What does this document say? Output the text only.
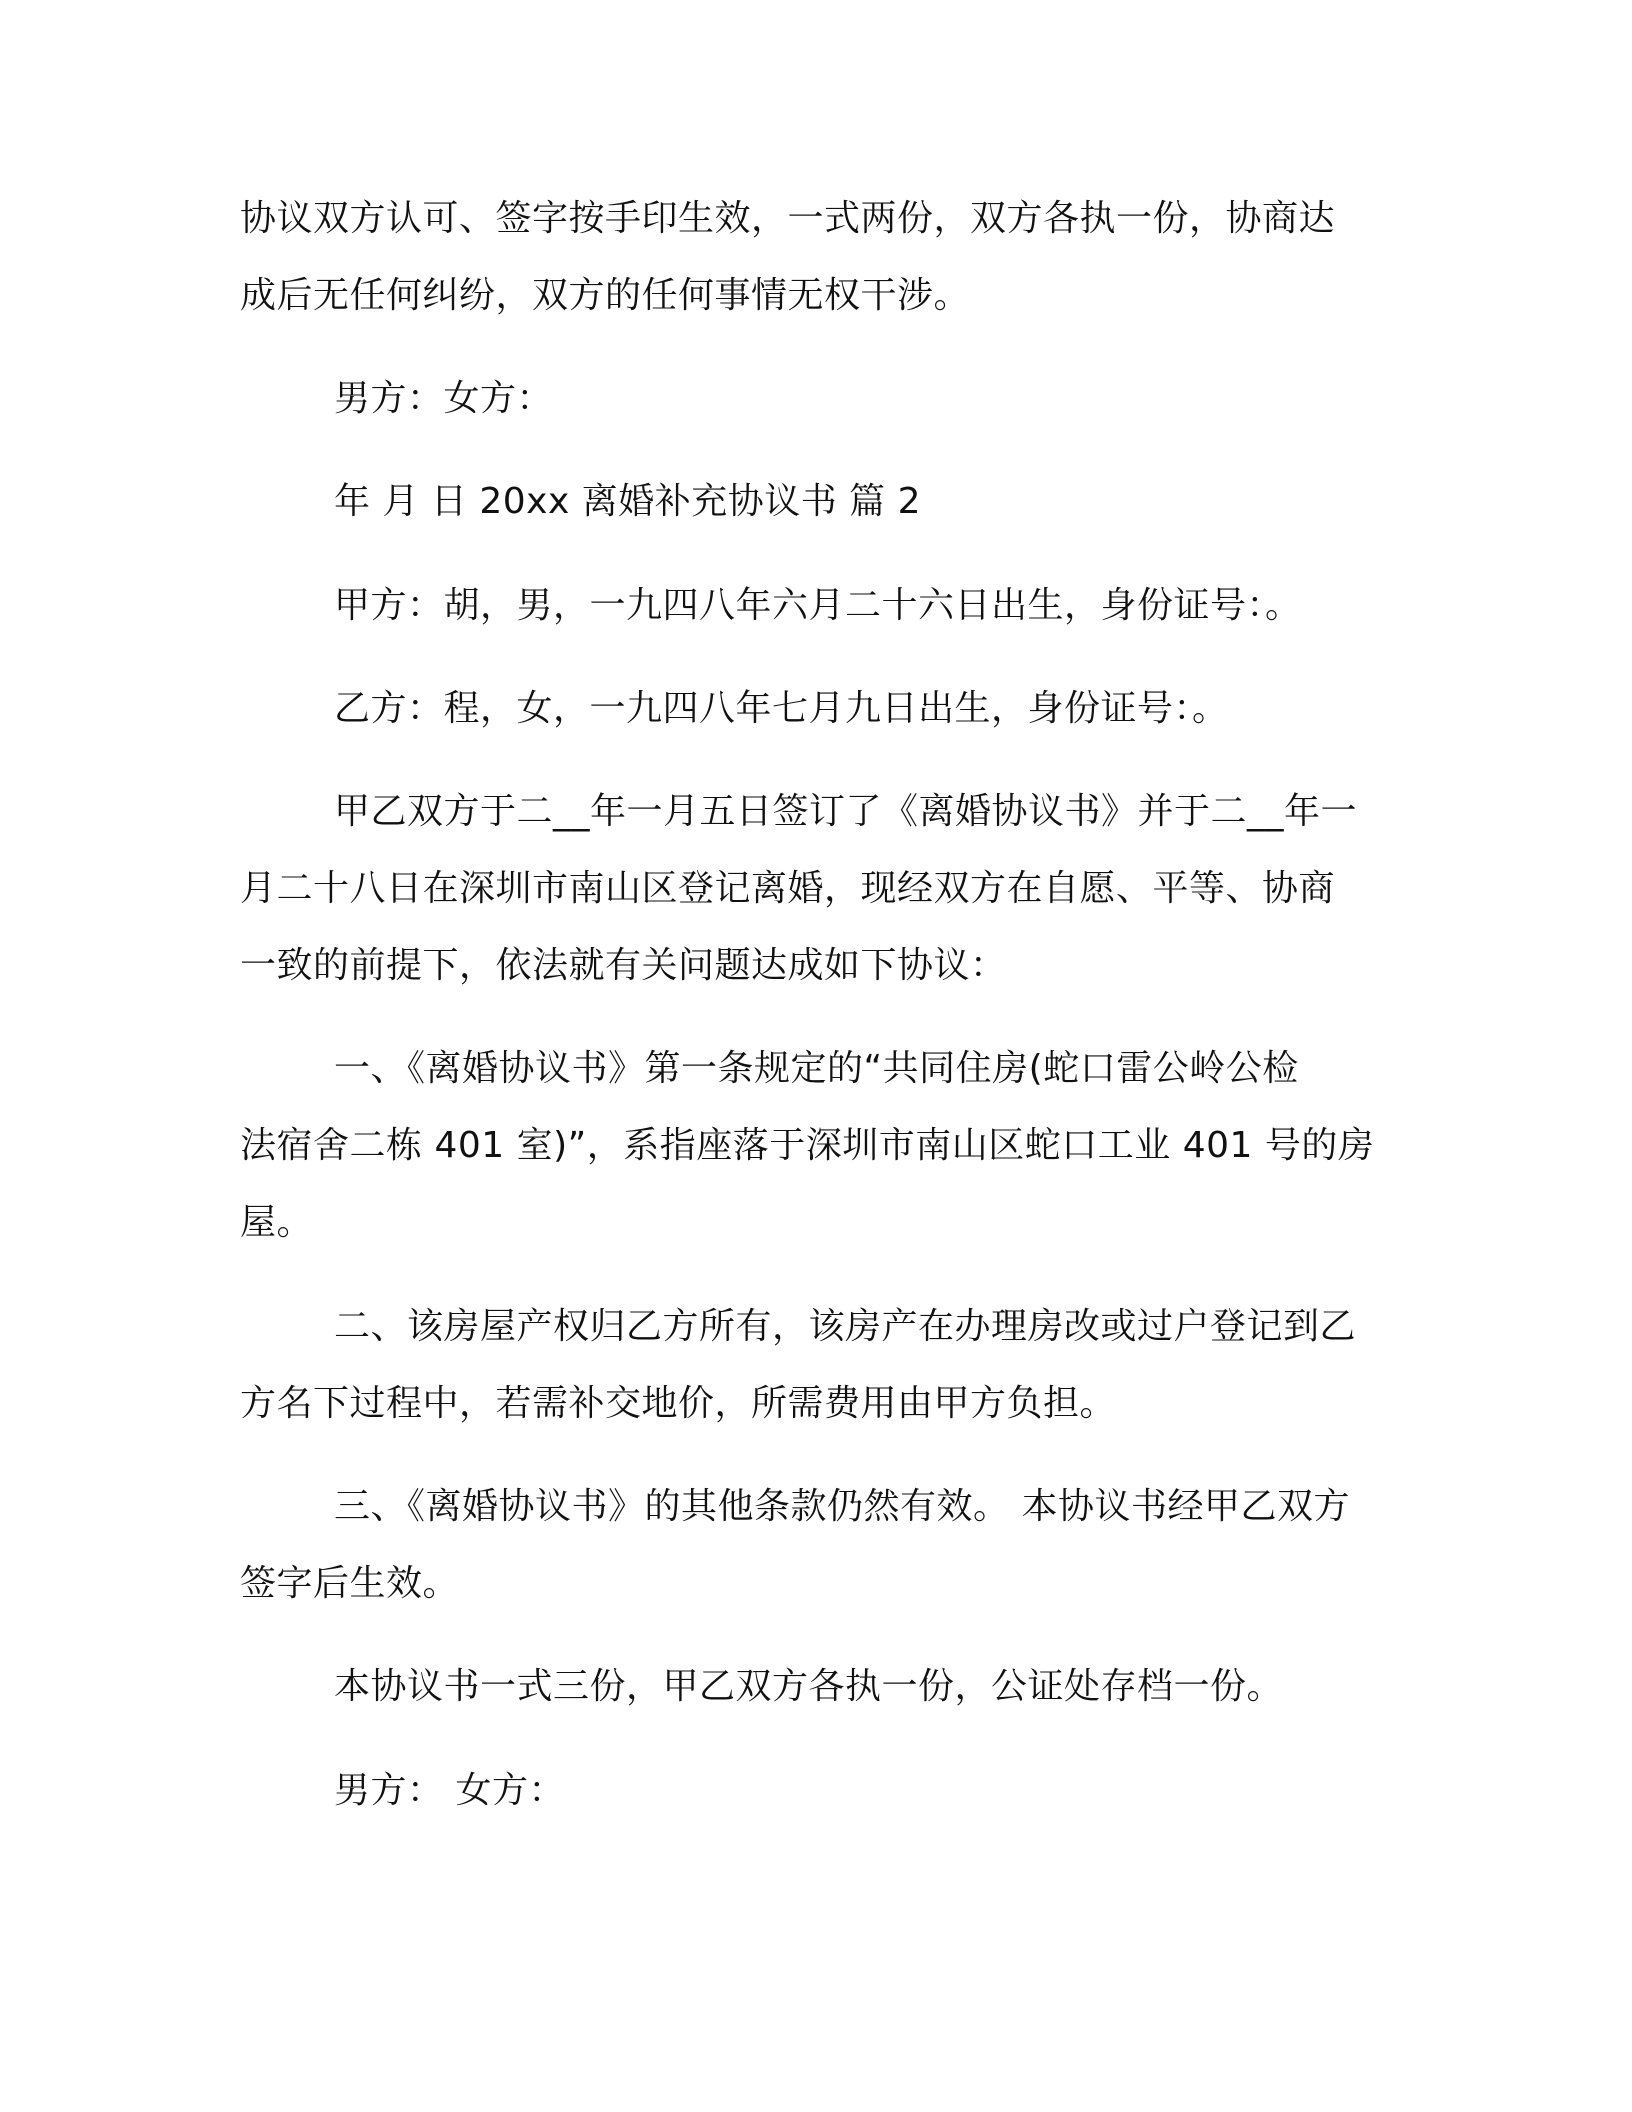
协议双方认可、签字按手印生效，一式两份，双方各执一份，协商达
成后无任何纠纷，双方的任何事情无权干涉。
男方：女方：
年 月 日 20xx 离婚补充协议书 篇 2
甲方：胡，男，一九四八年六月二十六日出生，身份证号：。
乙方：程，女，一九四八年七月九日出生，身份证号：。
甲乙双方于二__年一月五日签订了《离婚协议书》并于二__年一
月二十八日在深圳市南山区登记离婚，现经双方在自愿、平等、协商
一致的前提下，依法就有关问题达成如下协议：
一、《离婚协议书》第一条规定的“共同住房(蛇口雷公岭公检
法宿舍二栋 401 室)”，系指座落于深圳市南山区蛇口工业 401 号的房
屋。
二、该房屋产权归乙方所有，该房产在办理房改或过户登记到乙
方名下过程中，若需补交地价，所需费用由甲方负担。
三、《离婚协议书》的其他条款仍然有效。 本协议书经甲乙双方
签字后生效。
本协议书一式三份，甲乙双方各执一份，公证处存档一份。
男方： 女方：
